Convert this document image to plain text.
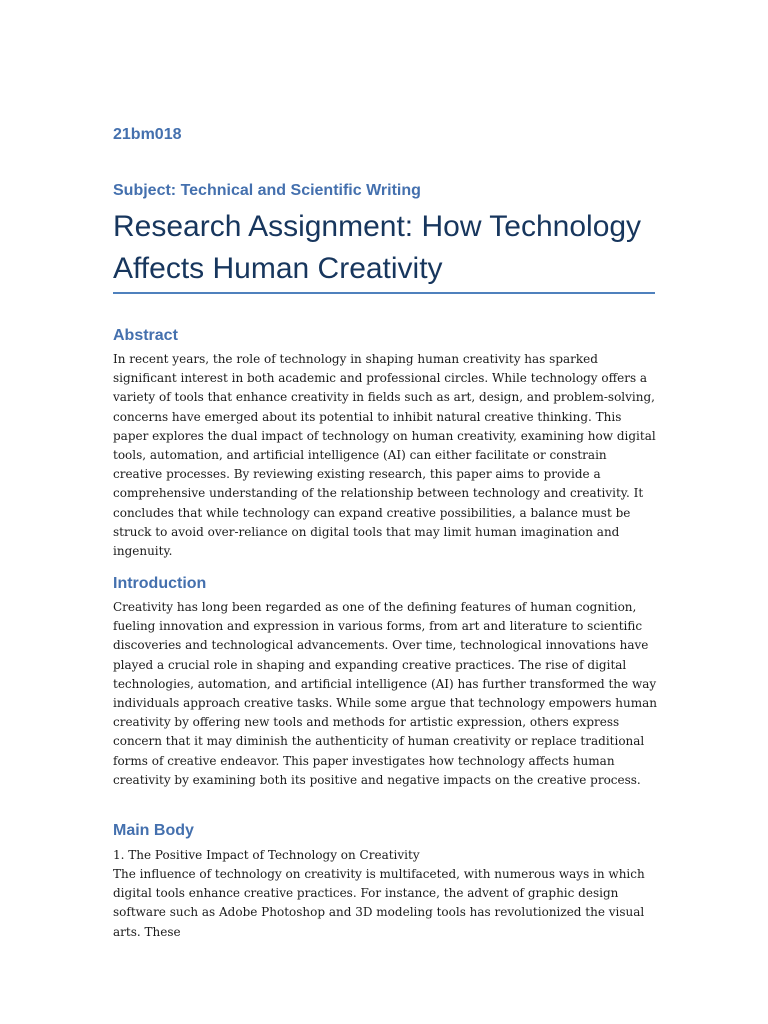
21bm018
Subject: Technical and Scientific Writing
Research Assignment: How Technology Affects Human Creativity
Abstract

In recent years, the role of technology in shaping human creativity has sparked significant interest in both academic and professional circles. While technology offers a variety of tools that enhance creativity in fields such as art, design, and problem-solving, concerns have emerged about its potential to inhibit natural creative thinking. This paper explores the dual impact of technology on human creativity, examining how digital tools, automation, and artificial intelligence (AI) can either facilitate or constrain creative processes. By reviewing existing research, this paper aims to provide a comprehensive understanding of the relationship between technology and creativity. It concludes that while technology can expand creative possibilities, a balance must be struck to avoid over-reliance on digital tools that may limit human imagination and ingenuity.

Introduction

Creativity has long been regarded as one of the defining features of human cognition, fueling innovation and expression in various forms, from art and literature to scientific discoveries and technological advancements. Over time, technological innovations have played a crucial role in shaping and expanding creative practices. The rise of digital technologies, automation, and artificial intelligence (AI) has further transformed the way individuals approach creative tasks. While some argue that technology empowers human creativity by offering new tools and methods for artistic expression, others express concern that it may diminish the authenticity of human creativity or replace traditional forms of creative endeavor. This paper investigates how technology affects human creativity by examining both its positive and negative impacts on the creative process.

Main Body

1. The Positive Impact of Technology on Creativity

The influence of technology on creativity is multifaceted, with numerous ways in which digital tools enhance creative practices. For instance, the advent of graphic design software such as Adobe Photoshop and 3D modeling tools has revolutionized the visual arts. These
